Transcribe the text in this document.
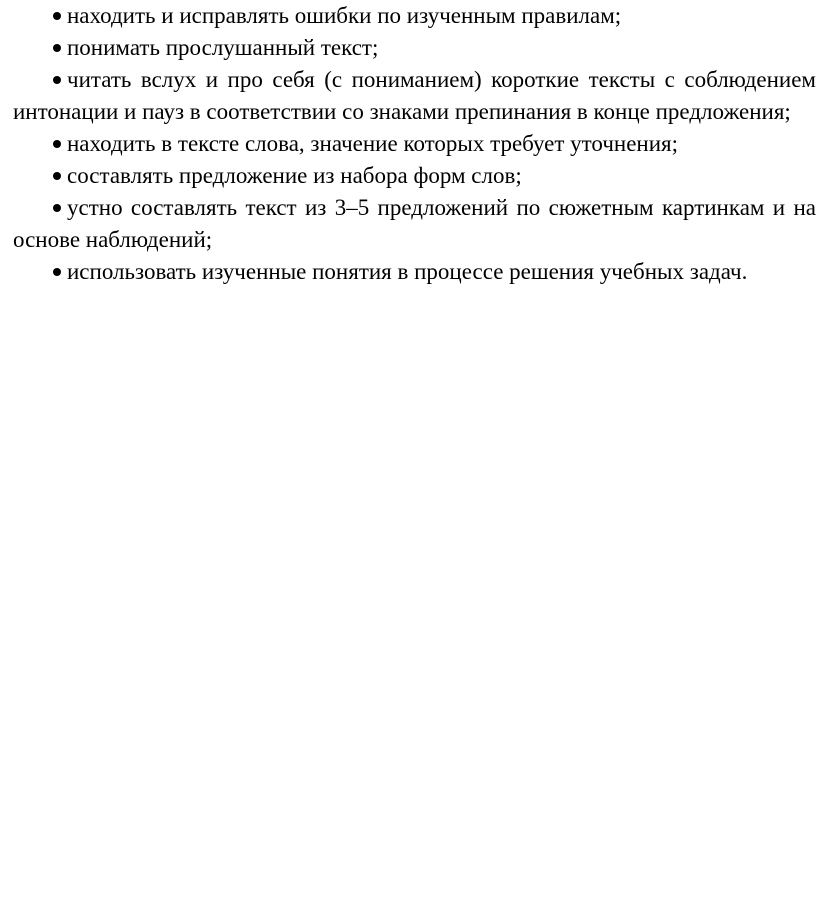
находить и исправлять ошибки по изученным правилам;
понимать прослушанный текст;
читать вслух и про себя (с пониманием) короткие тексты с соблюдением интонации и пауз в соответствии со знаками препинания в конце предложения;
находить в тексте слова, значение которых требует уточнения;
составлять предложение из набора форм слов;
устно составлять текст из 3–5 предложений по сюжетным картинкам и на основе наблюдений;
использовать изученные понятия в процессе решения учебных задач.
